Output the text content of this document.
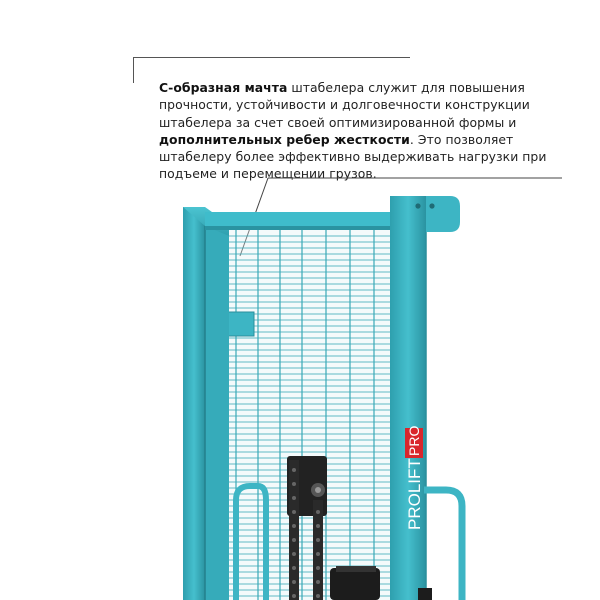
С-образная мачта штабелера служит для повышения прочности, устойчивости и долговечности конструкции штабелера за счет своей оптимизированной формы и дополнительных ребер жесткости. Это позволяет штабелеру более эффективно выдерживать нагрузки при подъеме и перемещении грузов.
PROLIFT
PRO
